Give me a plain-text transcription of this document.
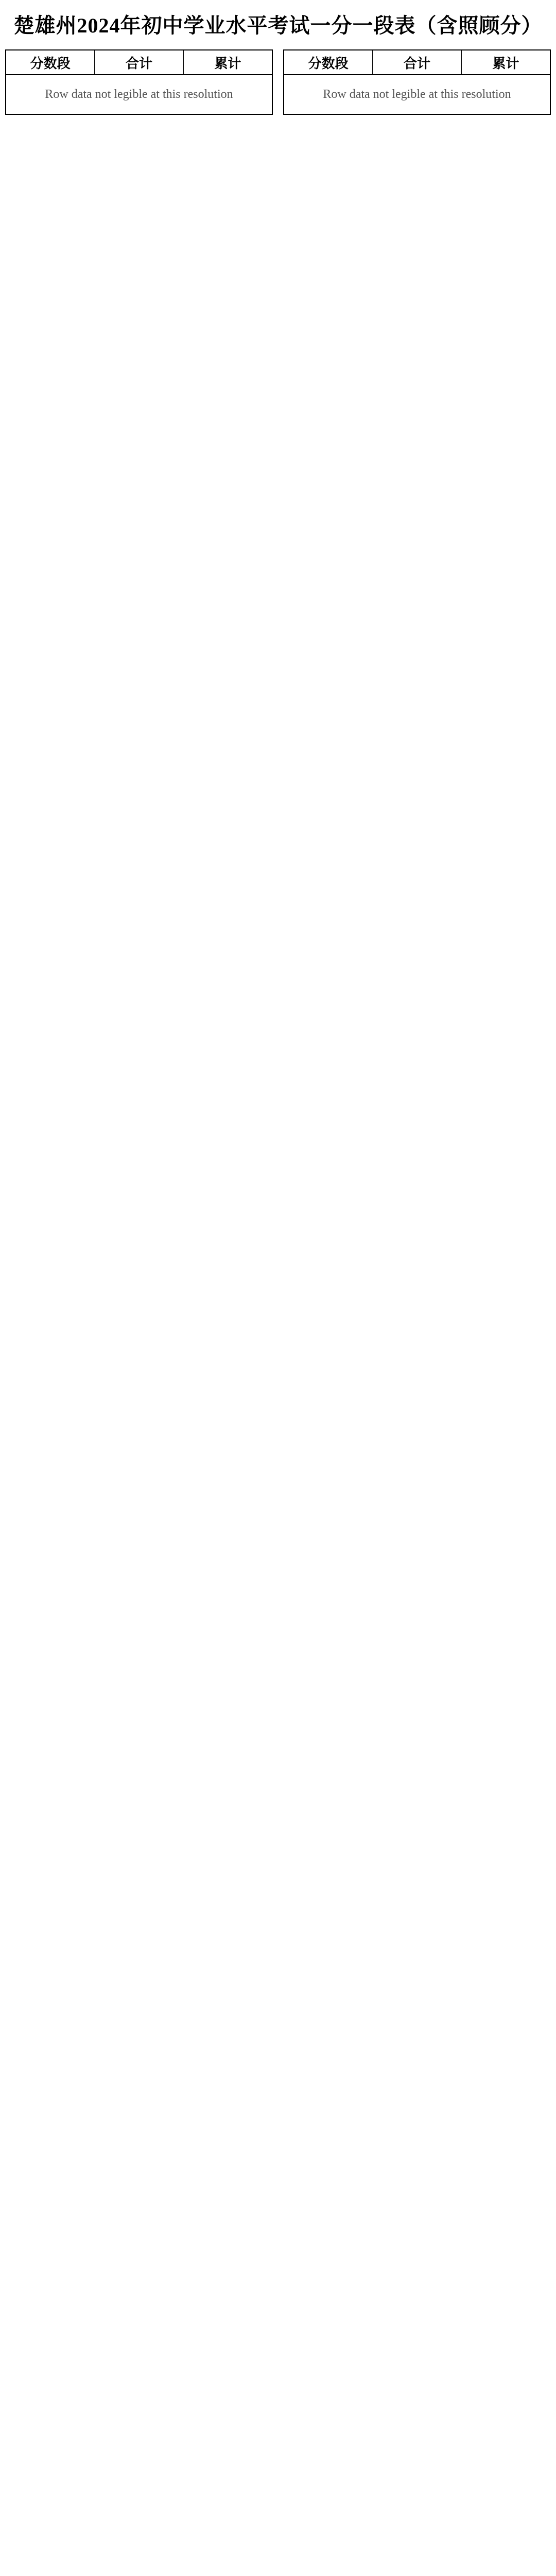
楚雄州2024年初中学业水平考试一分一段表（含照顾分）
分数段	合计	累计
Row data not legible at this resolution
分数段	合计	累计
Row data not legible at this resolution
